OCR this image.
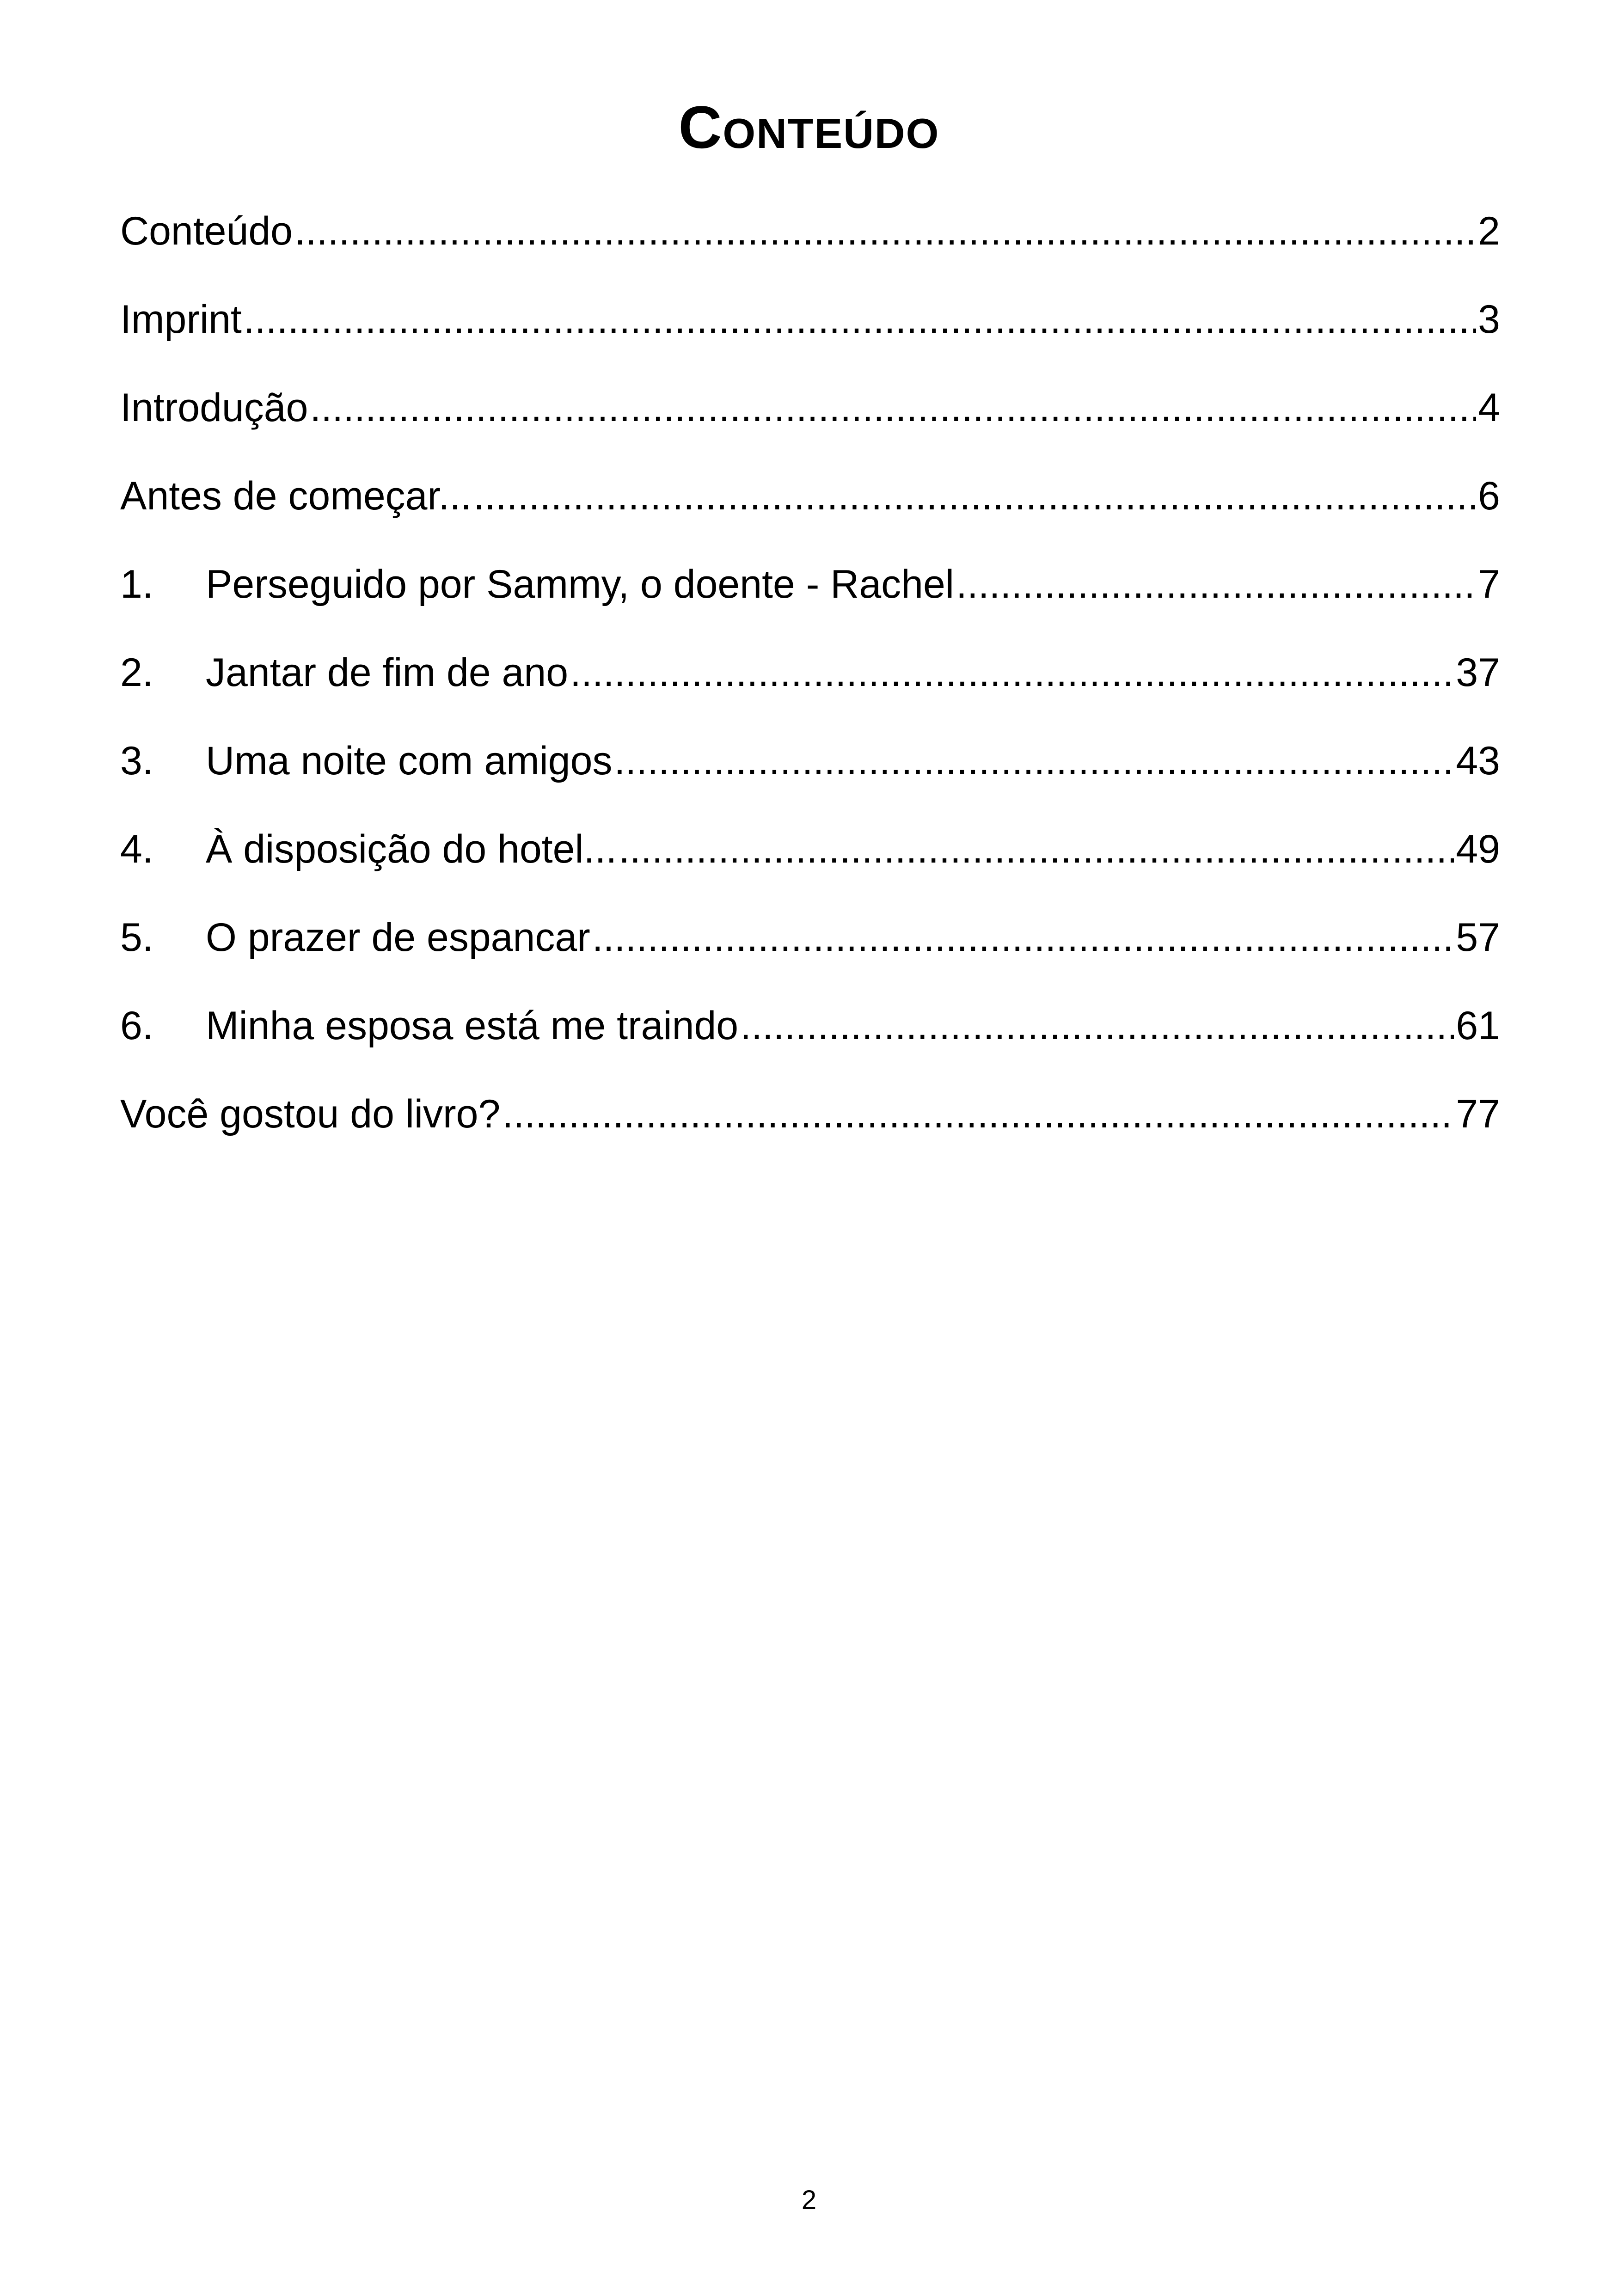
Conteúdo
Conteúdo .....	2
Imprint .....	3
Introdução .....	4
Antes de começar... .....	6
1.	Perseguido por Sammy, o doente - Rachel .....	7
2.	Jantar de fim de ano .....	37
3.	Uma noite com amigos .....	43
4.	À disposição do hotel... .....	49
5.	O prazer de espancar .....	57
6.	Minha esposa está me traindo .....	61
Você gostou do livro? .....	77
2
